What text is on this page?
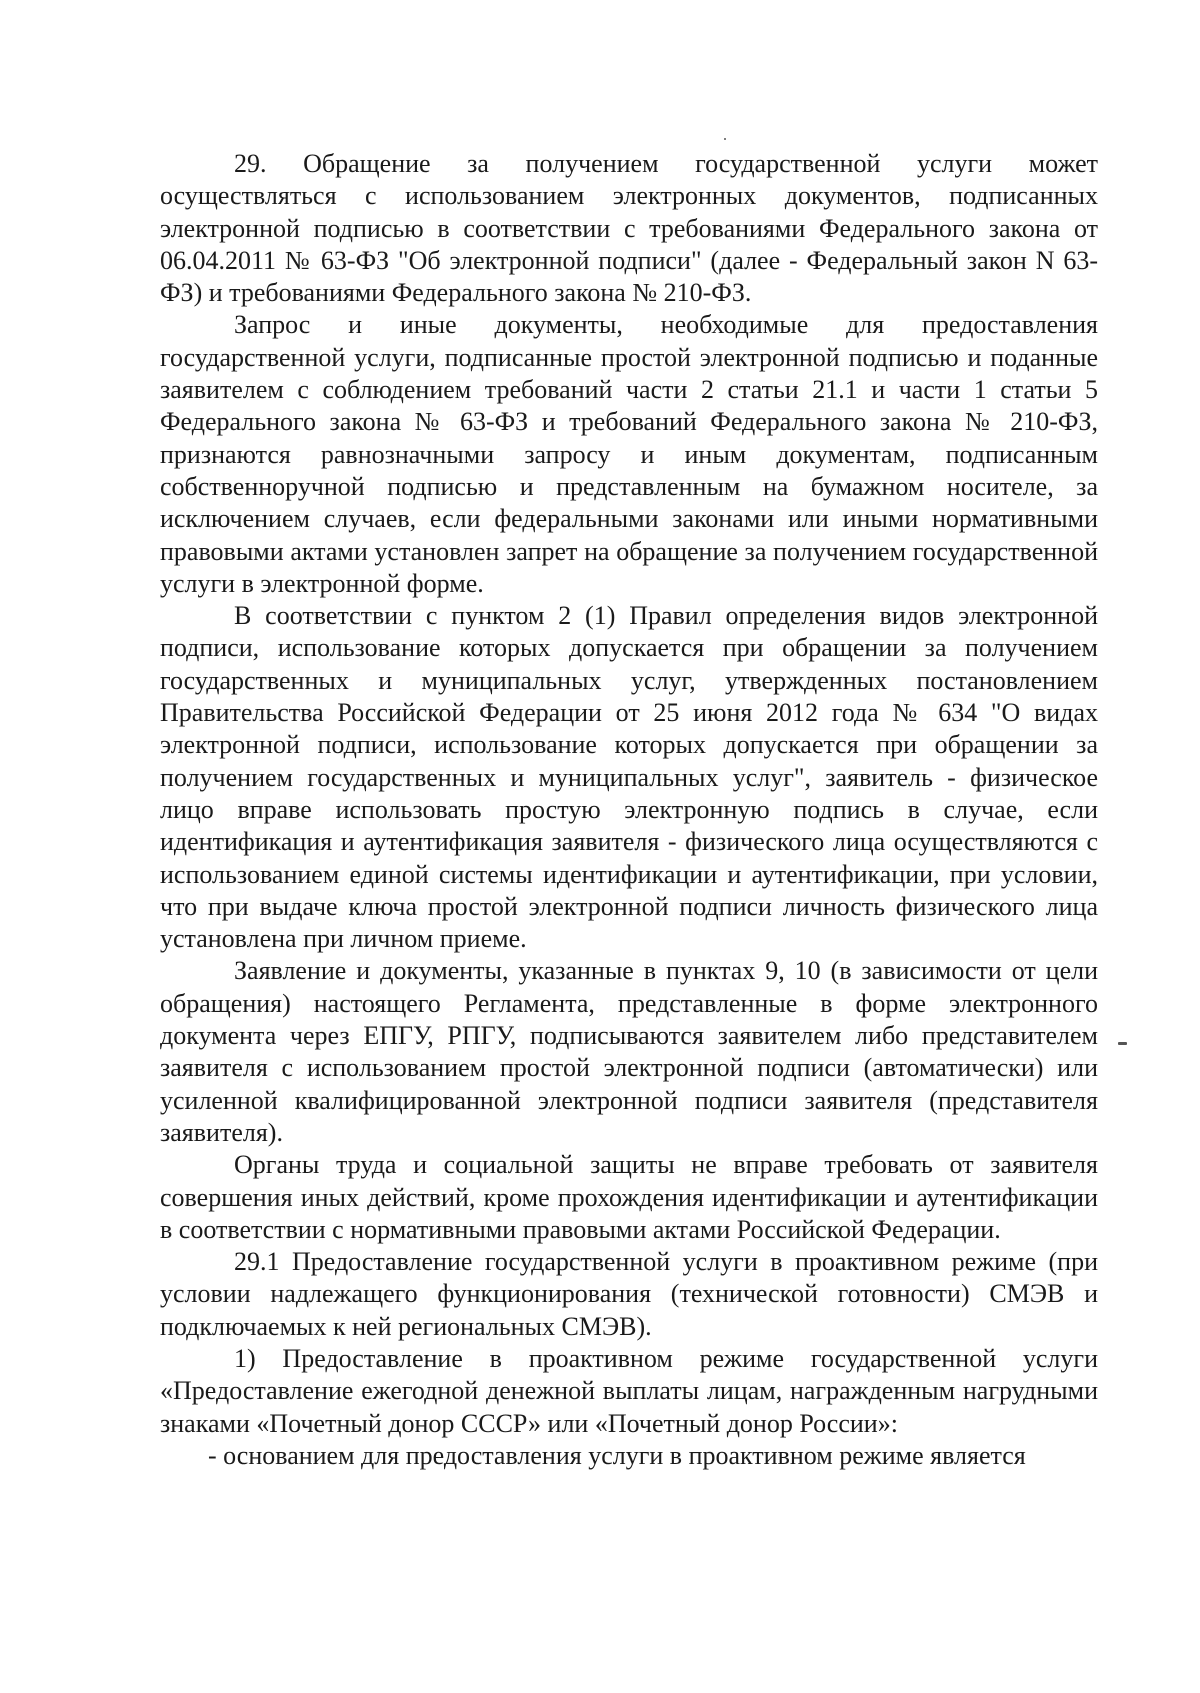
29. Обращение за получением государственной услуги может осуществляться с использованием электронных документов, подписанных электронной подписью в соответствии с требованиями Федерального закона от 06.04.2011 № 63-ФЗ "Об электронной подписи" (далее - Федеральный закон N 63-ФЗ) и требованиями Федерального закона № 210-ФЗ.

Запрос и иные документы, необходимые для предоставления государственной услуги, подписанные простой электронной подписью и поданные заявителем с соблюдением требований части 2 статьи 21.1 и части 1 статьи 5 Федерального закона № 63-ФЗ и требований Федерального закона № 210-ФЗ, признаются равнозначными запросу и иным документам, подписанным собственноручной подписью и представленным на бумажном носителе, за исключением случаев, если федеральными законами или иными нормативными правовыми актами установлен запрет на обращение за получением государственной услуги в электронной форме.

В соответствии с пунктом 2 (1) Правил определения видов электронной подписи, использование которых допускается при обращении за получением государственных и муниципальных услуг, утвержденных постановлением Правительства Российской Федерации от 25 июня 2012 года № 634 "О видах электронной подписи, использование которых допускается при обращении за получением государственных и муниципальных услуг", заявитель - физическое лицо вправе использовать простую электронную подпись в случае, если идентификация и аутентификация заявителя - физического лица осуществляются с использованием единой системы идентификации и аутентификации, при условии, что при выдаче ключа простой электронной подписи личность физического лица установлена при личном приеме.

Заявление и документы, указанные в пунктах 9, 10 (в зависимости от цели обращения) настоящего Регламента, представленные в форме электронного документа через ЕПГУ, РПГУ, подписываются заявителем либо представителем заявителя с использованием простой электронной подписи (автоматически) или усиленной квалифицированной электронной подписи заявителя (представителя заявителя).

Органы труда и социальной защиты не вправе требовать от заявителя совершения иных действий, кроме прохождения идентификации и аутентификации в соответствии с нормативными правовыми актами Российской Федерации.

29.1 Предоставление государственной услуги в проактивном режиме (при условии надлежащего функционирования (технической готовности) СМЭВ и подключаемых к ней региональных СМЭВ).

1) Предоставление в проактивном режиме государственной услуги «Предоставление ежегодной денежной выплаты лицам, награжденным нагрудными знаками «Почетный донор СССР» или «Почетный донор России»:

- основанием для предоставления услуги в проактивном режиме является
